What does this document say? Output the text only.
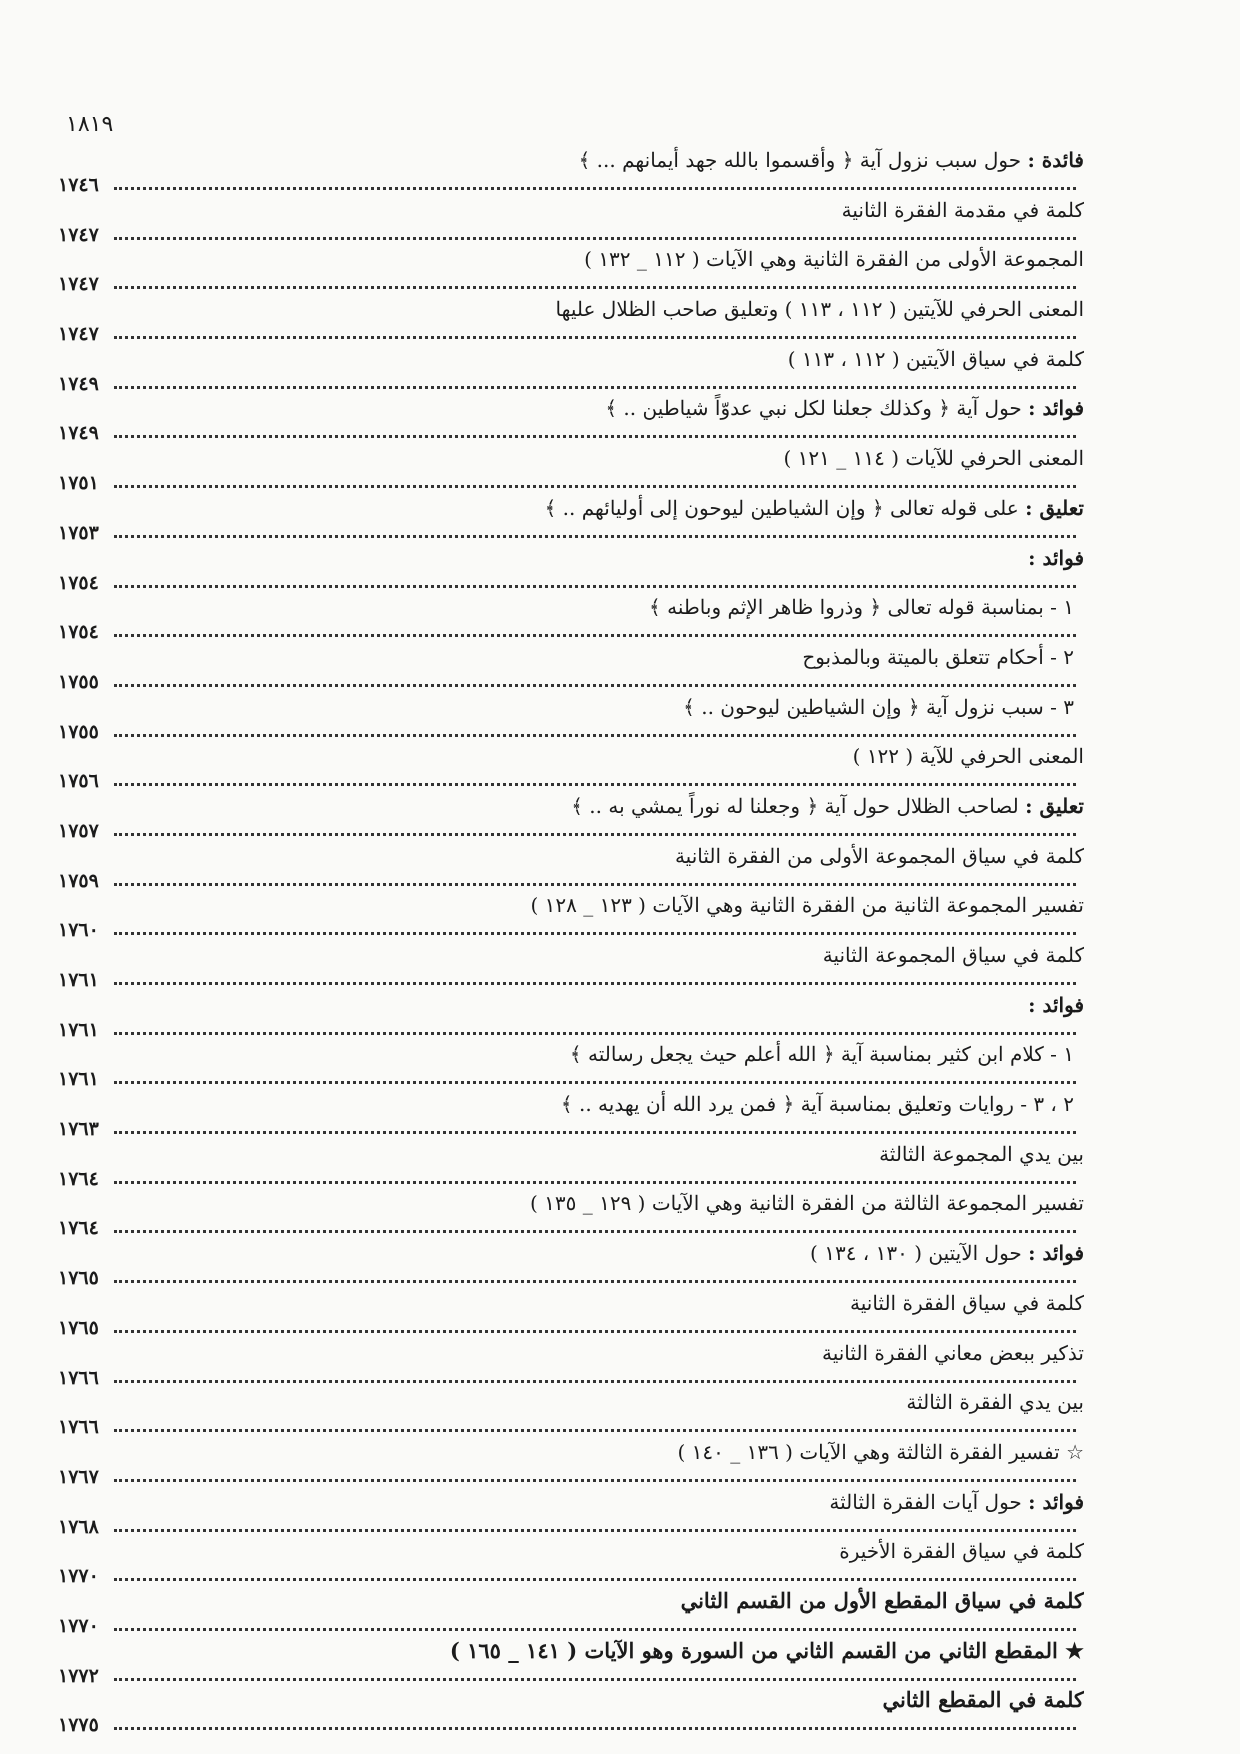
١٨١٩
فائدة : حول سبب نزول آية ﴿ وأقسموا بالله جهد أيمانهم ... ﴾
١٧٤٦
كلمة في مقدمة الفقرة الثانية
١٧٤٧
المجموعة الأولى من الفقرة الثانية وهي الآيات ( ١١٢ _ ١٣٢ )
١٧٤٧
المعنى الحرفي للآيتين ( ١١٢ ، ١١٣ ) وتعليق صاحب الظلال عليها
١٧٤٧
كلمة في سياق الآيتين ( ١١٢ ، ١١٣ )
١٧٤٩
فوائد : حول آية ﴿ وكذلك جعلنا لكل نبي عدوّاً شياطين .. ﴾
١٧٤٩
المعنى الحرفي للآيات ( ١١٤ _ ١٢١ )
١٧٥١
تعليق : على قوله تعالى ﴿ وإن الشياطين ليوحون إلى أوليائهم .. ﴾
١٧٥٣
فوائد :
١٧٥٤
١ - بمناسبة قوله تعالى ﴿ وذروا ظاهر الإثم وباطنه ﴾
١٧٥٤
٢ - أحكام تتعلق بالميتة وبالمذبوح
١٧٥٥
٣ - سبب نزول آية ﴿ وإن الشياطين ليوحون .. ﴾
١٧٥٥
المعنى الحرفي للآية ( ١٢٢ )
١٧٥٦
تعليق : لصاحب الظلال حول آية ﴿ وجعلنا له نوراً يمشي به .. ﴾
١٧٥٧
كلمة في سياق المجموعة الأولى من الفقرة الثانية
١٧٥٩
تفسير المجموعة الثانية من الفقرة الثانية وهي الآيات ( ١٢٣ _ ١٢٨ )
١٧٦٠
كلمة في سياق المجموعة الثانية
١٧٦١
فوائد :
١٧٦١
١ - كلام ابن كثير بمناسبة آية ﴿ الله أعلم حيث يجعل رسالته ﴾
١٧٦١
٢ ، ٣ - روايات وتعليق بمناسبة آية ﴿ فمن يرد الله أن يهديه .. ﴾
١٧٦٣
بين يدي المجموعة الثالثة
١٧٦٤
تفسير المجموعة الثالثة من الفقرة الثانية وهي الآيات ( ١٢٩ _ ١٣٥ )
١٧٦٤
فوائد : حول الآيتين ( ١٣٠ ، ١٣٤ )
١٧٦٥
كلمة في سياق الفقرة الثانية
١٧٦٥
تذكير ببعض معاني الفقرة الثانية
١٧٦٦
بين يدي الفقرة الثالثة
١٧٦٦
☆ تفسير الفقرة الثالثة وهي الآيات ( ١٣٦ _ ١٤٠ )
١٧٦٧
فوائد : حول آيات الفقرة الثالثة
١٧٦٨
كلمة في سياق الفقرة الأخيرة
١٧٧٠
كلمة في سياق المقطع الأول من القسم الثاني
١٧٧٠
★ المقطع الثاني من القسم الثاني من السورة وهو الآيات ( ١٤١ _ ١٦٥ )
١٧٧٢
كلمة في المقطع الثاني
١٧٧٥
